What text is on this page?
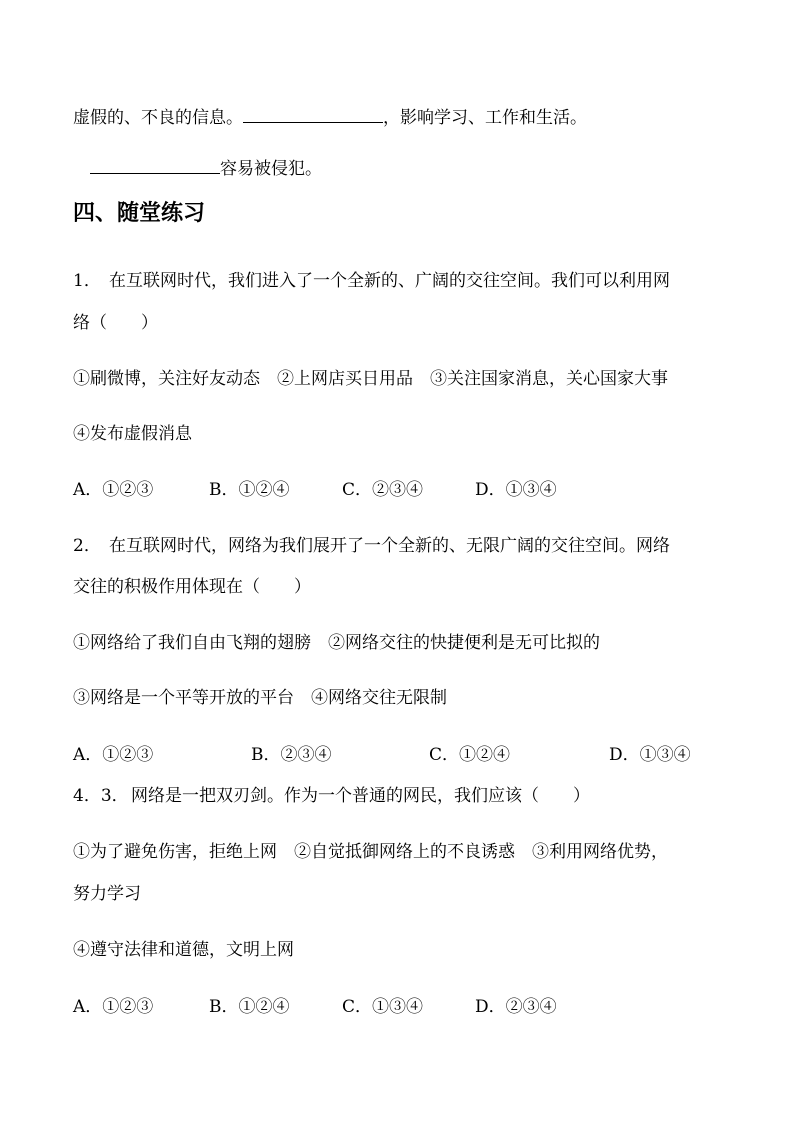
虚假的、不良的信息。	，影响学习、工作和生活。
容易被侵犯。
四、随堂练习
1． 在互联网时代，我们进入了一个全新的、广阔的交往空间。我们可以利用网
络（　　）
①刷微博，关注好友动态　②上网店买日用品　③关注国家消息，关心国家大事
④发布虚假消息
A．①②③	B．①②④	C．②③④	D．①③④
2． 在互联网时代，网络为我们展开了一个全新的、无限广阔的交往空间。网络
交往的积极作用体现在（　　）
①网络给了我们自由飞翔的翅膀　②网络交往的快捷便利是无可比拟的
③网络是一个平等开放的平台　④网络交往无限制
A．①②③	B．②③④	C．①②④	D．①③④
4．3． 网络是一把双刃剑。作为一个普通的网民，我们应该（　　）
①为了避免伤害，拒绝上网　②自觉抵御网络上的不良诱惑　③利用网络优势，
努力学习
④遵守法律和道德，文明上网
A．①②③	B．①②④	C．①③④	D．②③④
